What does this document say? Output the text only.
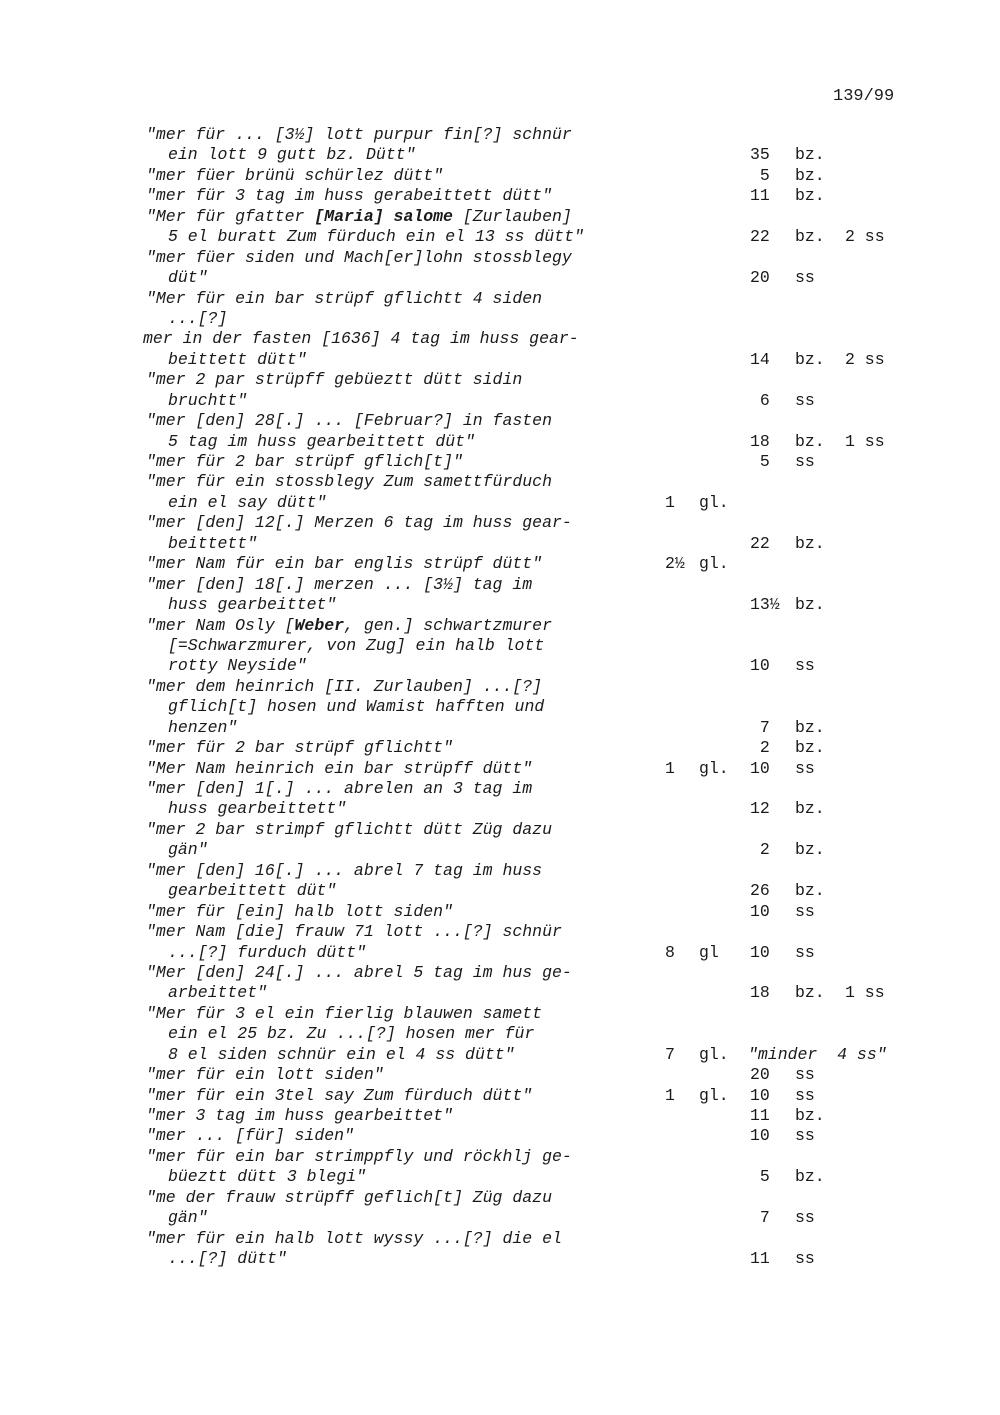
139/99
"mer für ... [3½] lott purpur fin[?] schnür
ein lott 9 gutt bz. Dütt"	35 bz.
"mer füer brünü schürlez dütt"	5 bz.
"mer für 3 tag im huss gerabeittett dütt"	11 bz.
"Mer für gfatter [Maria] salome [Zurlauben]
5 el buratt Zum fürduch ein el 13 ss dütt"	22 bz. 2 ss
"mer füer siden und Mach[er]lohn stossblegy
düt"	20 ss
"Mer für ein bar strüpf gflichtt 4 siden
...[?]
mer in der fasten [1636] 4 tag im huss gear-
beittett dütt"	14 bz. 2 ss
"mer 2 par strüpff gebüeztt dütt sidin
bruchtt"	6 ss
"mer [den] 28[.] ... [Februar?] in fasten
5 tag im huss gearbeittett düt"	18 bz. 1 ss
"mer für 2 bar strüpf gflich[t]"	5 ss
"mer für ein stossblegy Zum samettfürduch
ein el say dütt"	1 gl.
"mer [den] 12[.] Merzen 6 tag im huss gear-
beittett"	22 bz.
"mer Nam für ein bar englis strüpf dütt"	2½ gl.
"mer [den] 18[.] merzen ... [3½] tag im
huss gearbeittet"	13½ bz.
"mer Nam Osly [Weber, gen.] schwartzmurer
[=Schwarzmurer, von Zug] ein halb lott
rotty Neyside"	10 ss
"mer dem heinrich [II. Zurlauben] ...[?]
gflich[t] hosen und Wamist hafften und
henzen"	7 bz.
"mer für 2 bar strüpf gflichtt"	2 bz.
"Mer Nam heinrich ein bar strüpff dütt"	1 gl. 10 ss
"mer [den] 1[.] ... abrelen an 3 tag im
huss gearbeittett"	12 bz.
"mer 2 bar strimpf gflichtt dütt Züg dazu
gän"	2 bz.
"mer [den] 16[.] ... abrel 7 tag im huss
gearbeittett düt"	26 bz.
"mer für [ein] halb lott siden"	10 ss
"mer Nam [die] frauw 71 lott ...[?] schnür
...[?] furduch dütt"	8 gl 10 ss
"Mer [den] 24[.] ... abrel 5 tag im hus ge-
arbeittet"	18 bz. 1 ss
"Mer für 3 el ein fierlig blauwen samett
ein el 25 bz. Zu ...[?] hosen mer für
8 el siden schnür ein el 4 ss dütt"	7 gl. "minder  4 ss"
"mer für ein lott siden"	20 ss
"mer für ein 3tel say Zum fürduch dütt"	1 gl. 10 ss
"mer 3 tag im huss gearbeittet"	11 bz.
"mer ... [für] siden"	10 ss
"mer für ein bar strimppfly und röckhlj ge-
büeztt dütt 3 blegi"	5 bz.
"me der frauw strüpff geflich[t] Züg dazu
gän"	7 ss
"mer für ein halb lott wyssy ...[?] die el
...[?] dütt"	11 ss
